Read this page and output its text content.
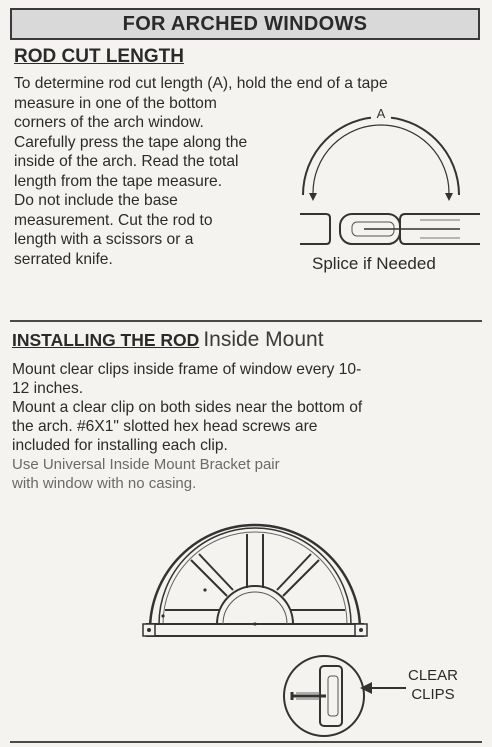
FOR ARCHED WINDOWS
ROD CUT LENGTH
To determine rod cut length (A), hold the end of a tape
measure in one of the bottom
corners of the arch window.
Carefully press the tape along the
inside of the arch. Read the total
length from the tape measure.
Do not include the base
measurement. Cut the rod to
length with a scissors or a
serrated knife.
A
Splice if Needed
INSTALLING THE ROD Inside Mount
Mount clear clips inside frame of window every 10-
12 inches.
Mount a clear clip on both sides near the bottom of
the arch. #6X1" slotted hex head screws are
included for installing each clip.
Use Universal Inside Mount Bracket pair
with window with no casing.
CLEAR
CLIPS
